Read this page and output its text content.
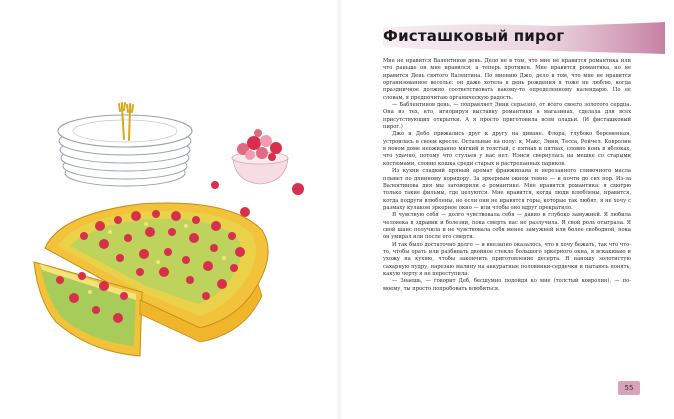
Фисташковый пирог

Мне не нравится Валентинов день. Дело не в том, что мне не нравится романтика или что раньше он мне нравился, а теперь противен. Мне нравится романтика, но не нравится День святого Валентина. По мнению Джо, дело в том, что мне не нравится организованное веселье: он даже хотела в день рождения я тоже не люблю, когда праздничное должно соответствовать какому-то определенному календарю. По ее словам, я предпочитаю органическую радость.

— Баблентинов день, — поправляет Энни серьезно, от всего своего золотого сердца. Она из тех, кто, игнорируя выставку романтики в магазинах, сделала для всех присутствующих открытки. А я просто приготовила всем оладьи. (И фисташковый пирог.)

Джо и Дебо прижались друг к другу на диване. Флора, глубоко беременная, устроилась в своем кресле. Остальные на полу: я, Макс, Энни, Тесса, Рейчел. Ковролин в новом доме неожиданно мягкий и толстый, с пятнах и пятнах, словно конь в яблоках, что удачно, потому что стульев у нас нет. Нэнси свернулась на мешке со старыми костюмами, словно кошка среди старых и растрепанных париков.

Из кухни сладкий пряный аромат франжипана и нерезанного сливочного масла плывет по длинному коридору. За эркерным окном темно — и почти до сих пор. Из-за Валентинова дня мы заговорили о романтике. Мне нравится романтика: я смотрю только такие фильмы, где целуются. Мне нравится, когда люди влюблены, нравится, когда подруги влюблены, но если они не нравятся горы, которые так любят, я не хочу с размаху кулаком эркерное окно — или чтобы оно вдруг прекратило.

Я чувствую себя — долго чувствовала себя — давно и глубоко замужней. Я любила человека в здравии и болезни, пока смерть нас не разлучила. Я свой роль отыграла. Я свой шанс получила и не чувствовала себя менее замужней или более свободной, пока он умирал или после его смерти.

И так было достаточно долго — и внезапно оказалось, что я хочу бежать, так что что-то, чтобы орать или разбивать двойное стекло большого эркерного окна, я вскакиваю и ухожу на кухню, чтобы закончить приготовление десерта. Я наношу золотистую сахарную пудру, нарезаю малину на аккуратные половинки-сердечки и пытаюсь понять, какую черту я не переступила.

— Знаешь, — говорит Деб, бесшумно подойдя ко мне (толстый ковролин), — по-моему, ты просто попробовать влюбиться.

55
